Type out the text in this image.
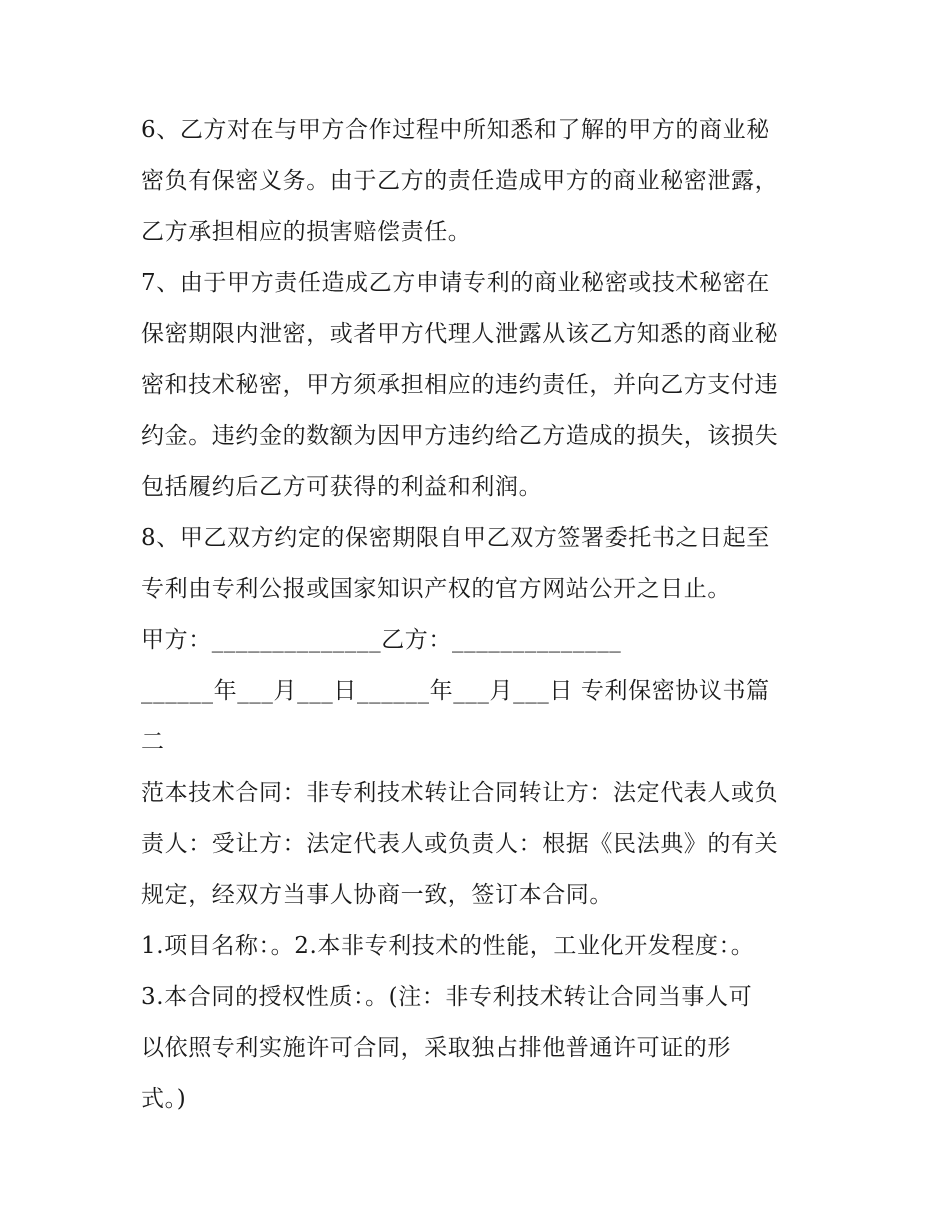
6、乙方对在与甲方合作过程中所知悉和了解的甲方的商业秘
密负有保密义务。由于乙方的责任造成甲方的商业秘密泄露，
乙方承担相应的损害赔偿责任。
7、由于甲方责任造成乙方申请专利的商业秘密或技术秘密在
保密期限内泄密，或者甲方代理人泄露从该乙方知悉的商业秘
密和技术秘密，甲方须承担相应的违约责任，并向乙方支付违
约金。违约金的数额为因甲方违约给乙方造成的损失，该损失
包括履约后乙方可获得的利益和利润。
8、甲乙双方约定的保密期限自甲乙双方签署委托书之日起至
专利由专利公报或国家知识产权的官方网站公开之日止。
甲方：______________乙方：______________
______年___月___日______年___月___日 专利保密协议书篇
二
范本技术合同：非专利技术转让合同转让方：法定代表人或负
责人：受让方：法定代表人或负责人：根据《民法典》的有关
规定，经双方当事人协商一致，签订本合同。
1.项目名称：。2.本非专利技术的性能，工业化开发程度：。
3.本合同的授权性质：。(注：非专利技术转让合同当事人可
以依照专利实施许可合同，采取独占排他普通许可证的形
式。)
